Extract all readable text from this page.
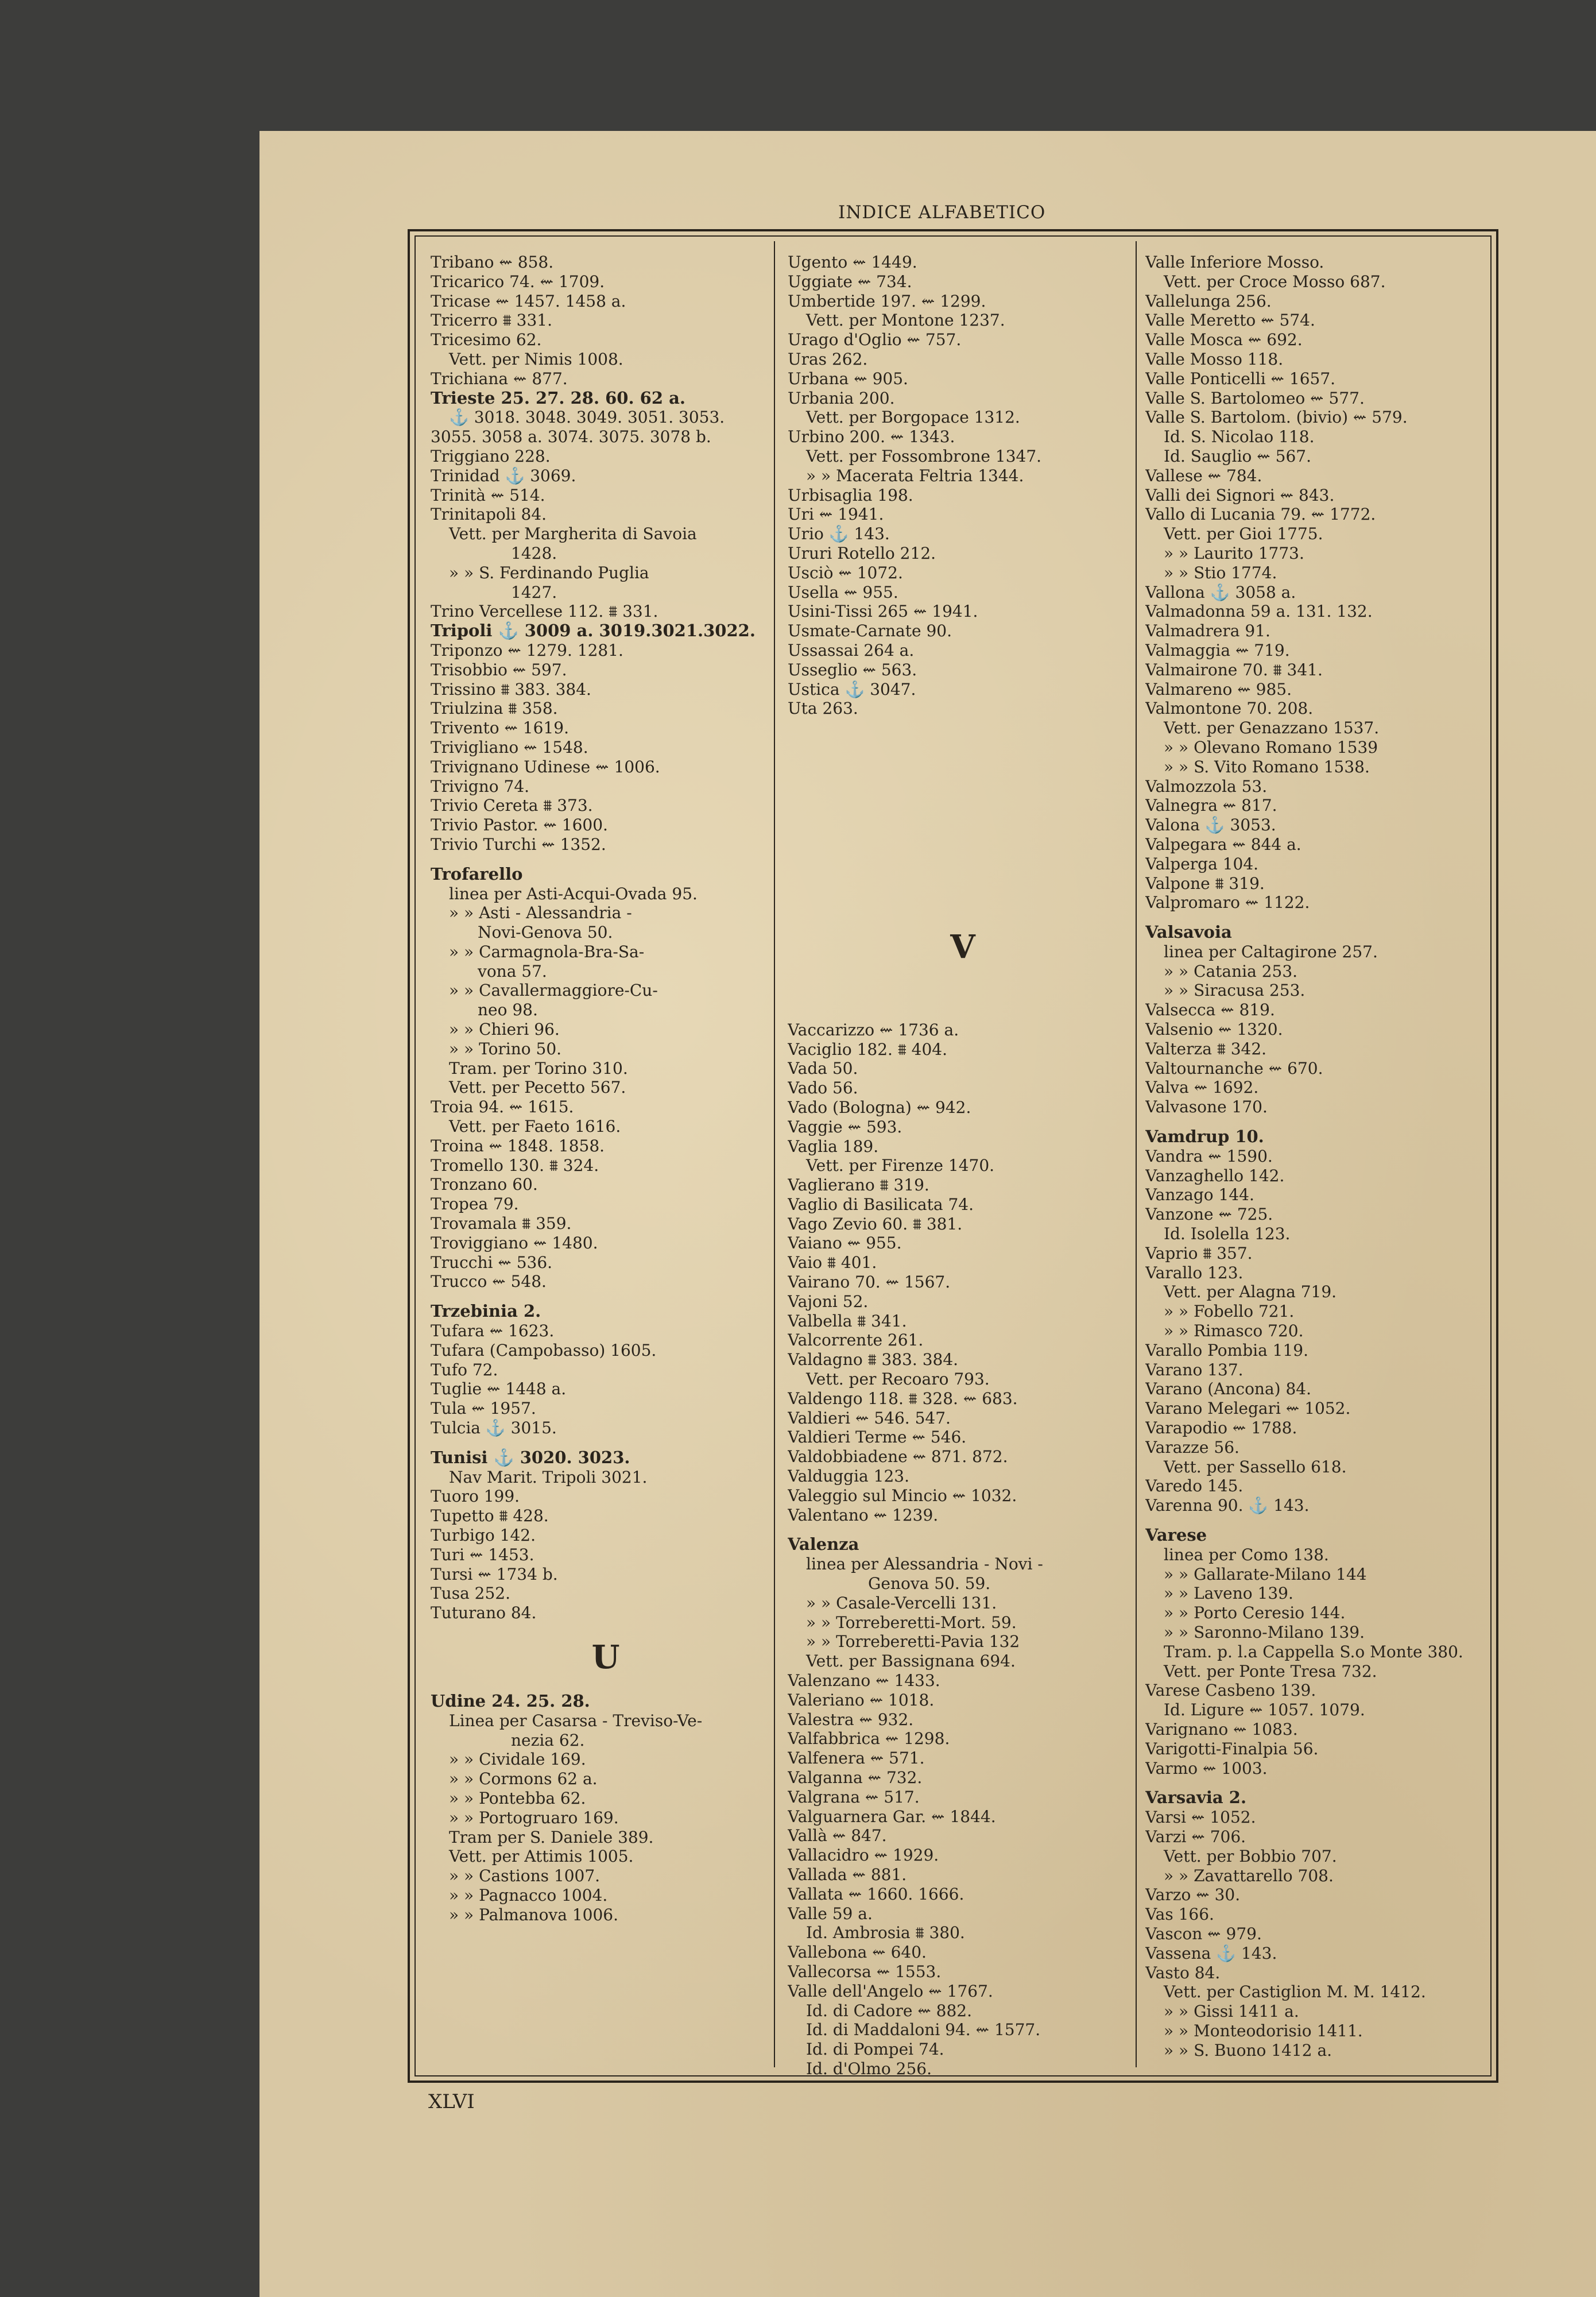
INDICE ALFABETICO
Tribano ⇜ 858.
Tricarico 74. ⇜ 1709.
Tricase ⇜ 1457. 1458 a.
Tricerro ⩩ 331.
Tricesimo 62.
Vett. per Nimis 1008.
Trichiana ⇜ 877.
Trieste 25. 27. 28. 60. 62 a.
⚓ 3018. 3048. 3049. 3051. 3053.
3055. 3058 a. 3074. 3075. 3078 b.
Triggiano 228.
Trinidad ⚓ 3069.
Trinità ⇜ 514.
Trinitapoli 84.
Vett. per Margherita di Savoia
1428.
» » S. Ferdinando Puglia
1427.
Trino Vercellese 112. ⩩ 331.
Tripoli ⚓ 3009 a. 3019.3021.3022.
Triponzo ⇜ 1279. 1281.
Trisobbio ⇜ 597.
Trissino ⩩ 383. 384.
Triulzina ⩩ 358.
Trivento ⇜ 1619.
Trivigliano ⇜ 1548.
Trivignano Udinese ⇜ 1006.
Trivigno 74.
Trivio Cereta ⩩ 373.
Trivio Pastor. ⇜ 1600.
Trivio Turchi ⇜ 1352.
Trofarello
linea per Asti-Acqui-Ovada 95.
» » Asti - Alessandria -
Novi-Genova 50.
» » Carmagnola-Bra-Sa-
vona 57.
» » Cavallermaggiore-Cu-
neo 98.
» » Chieri 96.
» » Torino 50.
Tram. per Torino 310.
Vett. per Pecetto 567.
Troia 94. ⇜ 1615.
Vett. per Faeto 1616.
Troina ⇜ 1848. 1858.
Tromello 130. ⩩ 324.
Tronzano 60.
Tropea 79.
Trovamala ⩩ 359.
Troviggiano ⇜ 1480.
Trucchi ⇜ 536.
Trucco ⇜ 548.
Trzebinia 2.
Tufara ⇜ 1623.
Tufara (Campobasso) 1605.
Tufo 72.
Tuglie ⇜ 1448 a.
Tula ⇜ 1957.
Tulcia ⚓ 3015.
Tunisi ⚓ 3020. 3023.
Nav Marit. Tripoli 3021.
Tuoro 199.
Tupetto ⩩ 428.
Turbigo 142.
Turi ⇜ 1453.
Tursi ⇜ 1734 b.
Tusa 252.
Tuturano 84.
U
Udine 24. 25. 28.
Linea per Casarsa - Treviso-Ve-
nezia 62.
» » Cividale 169.
» » Cormons 62 a.
» » Pontebba 62.
» » Portogruaro 169.
Tram per S. Daniele 389.
Vett. per Attimis 1005.
» » Castions 1007.
» » Pagnacco 1004.
» » Palmanova 1006.
Ugento ⇜ 1449.
Uggiate ⇜ 734.
Umbertide 197. ⇜ 1299.
Vett. per Montone 1237.
Urago d'Oglio ⇜ 757.
Uras 262.
Urbana ⇜ 905.
Urbania 200.
Vett. per Borgopace 1312.
Urbino 200. ⇜ 1343.
Vett. per Fossombrone 1347.
» » Macerata Feltria 1344.
Urbisaglia 198.
Uri ⇜ 1941.
Urio ⚓ 143.
Ururi Rotello 212.
Usciò ⇜ 1072.
Usella ⇜ 955.
Usini-Tissi 265 ⇜ 1941.
Usmate-Carnate 90.
Ussassai 264 a.
Usseglio ⇜ 563.
Ustica ⚓ 3047.
Uta 263.
V
Vaccarizzo ⇜ 1736 a.
Vaciglio 182. ⩩ 404.
Vada 50.
Vado 56.
Vado (Bologna) ⇜ 942.
Vaggie ⇜ 593.
Vaglia 189.
Vett. per Firenze 1470.
Vaglierano ⩩ 319.
Vaglio di Basilicata 74.
Vago Zevio 60. ⩩ 381.
Vaiano ⇜ 955.
Vaio ⩩ 401.
Vairano 70. ⇜ 1567.
Vajoni 52.
Valbella ⩩ 341.
Valcorrente 261.
Valdagno ⩩ 383. 384.
Vett. per Recoaro 793.
Valdengo 118. ⩩ 328. ⇜ 683.
Valdieri ⇜ 546. 547.
Valdieri Terme ⇜ 546.
Valdobbiadene ⇜ 871. 872.
Valduggia 123.
Valeggio sul Mincio ⇜ 1032.
Valentano ⇜ 1239.
Valenza
linea per Alessandria - Novi -
Genova 50. 59.
» » Casale-Vercelli 131.
» » Torreberetti-Mort. 59.
» » Torreberetti-Pavia 132
Vett. per Bassignana 694.
Valenzano ⇜ 1433.
Valeriano ⇜ 1018.
Valestra ⇜ 932.
Valfabbrica ⇜ 1298.
Valfenera ⇜ 571.
Valganna ⇜ 732.
Valgrana ⇜ 517.
Valguarnera Gar. ⇜ 1844.
Vallà ⇜ 847.
Vallacidro ⇜ 1929.
Vallada ⇜ 881.
Vallata ⇜ 1660. 1666.
Valle 59 a.
Id. Ambrosia ⩩ 380.
Vallebona ⇜ 640.
Vallecorsa ⇜ 1553.
Valle dell'Angelo ⇜ 1767.
Id. di Cadore ⇜ 882.
Id. di Maddaloni 94. ⇜ 1577.
Id. di Pompei 74.
Id. d'Olmo 256.
Valle Inferiore Mosso.
Vett. per Croce Mosso 687.
Vallelunga 256.
Valle Meretto ⇜ 574.
Valle Mosca ⇜ 692.
Valle Mosso 118.
Valle Ponticelli ⇜ 1657.
Valle S. Bartolomeo ⇜ 577.
Valle S. Bartolom. (bivio) ⇜ 579.
Id. S. Nicolao 118.
Id. Sauglio ⇜ 567.
Vallese ⇜ 784.
Valli dei Signori ⇜ 843.
Vallo di Lucania 79. ⇜ 1772.
Vett. per Gioi 1775.
» » Laurito 1773.
» » Stio 1774.
Vallona ⚓ 3058 a.
Valmadonna 59 a. 131. 132.
Valmadrera 91.
Valmaggia ⇜ 719.
Valmairone 70. ⩩ 341.
Valmareno ⇜ 985.
Valmontone 70. 208.
Vett. per Genazzano 1537.
» » Olevano Romano 1539
» » S. Vito Romano 1538.
Valmozzola 53.
Valnegra ⇜ 817.
Valona ⚓ 3053.
Valpegara ⇜ 844 a.
Valperga 104.
Valpone ⩩ 319.
Valpromaro ⇜ 1122.
Valsavoia
linea per Caltagirone 257.
» » Catania 253.
» » Siracusa 253.
Valsecca ⇜ 819.
Valsenio ⇜ 1320.
Valterza ⩩ 342.
Valtournanche ⇜ 670.
Valva ⇜ 1692.
Valvasone 170.
Vamdrup 10.
Vandra ⇜ 1590.
Vanzaghello 142.
Vanzago 144.
Vanzone ⇜ 725.
Id. Isolella 123.
Vaprio ⩩ 357.
Varallo 123.
Vett. per Alagna 719.
» » Fobello 721.
» » Rimasco 720.
Varallo Pombia 119.
Varano 137.
Varano (Ancona) 84.
Varano Melegari ⇜ 1052.
Varapodio ⇜ 1788.
Varazze 56.
Vett. per Sassello 618.
Varedo 145.
Varenna 90. ⚓ 143.
Varese
linea per Como 138.
» » Gallarate-Milano 144
» » Laveno 139.
» » Porto Ceresio 144.
» » Saronno-Milano 139.
Tram. p. l.a Cappella S.o Monte 380.
Vett. per Ponte Tresa 732.
Varese Casbeno 139.
Id. Ligure ⇜ 1057. 1079.
Varignano ⇜ 1083.
Varigotti-Finalpia 56.
Varmo ⇜ 1003.
Varsavia 2.
Varsi ⇜ 1052.
Varzi ⇜ 706.
Vett. per Bobbio 707.
» » Zavattarello 708.
Varzo ⇜ 30.
Vas 166.
Vascon ⇜ 979.
Vassena ⚓ 143.
Vasto 84.
Vett. per Castiglion M. M. 1412.
» » Gissi 1411 a.
» » Monteodorisio 1411.
» » S. Buono 1412 a.
XLVI
